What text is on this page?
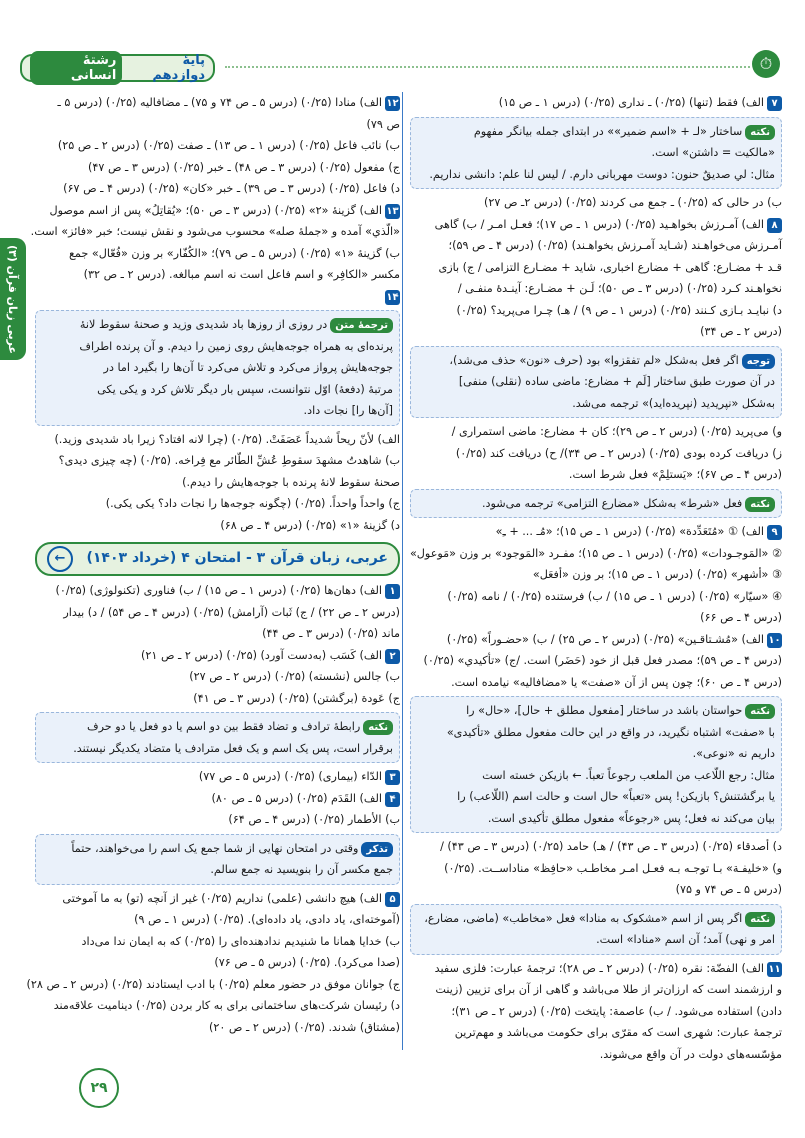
⏱
پایهٔ دوازدهم
رشتهٔ انسانی
عربی زبان قرآن (۳)
۷الف) فقط (تنها) (۰/۲۵) ـ نداری (۰/۲۵) (درس ۱ ـ ص ۱۵)
نکتهساختار «لـ + «اسم ضمیر»» در ابتدای جمله بیانگر مفهوم
«مالکیت = داشتن» است.
مثال: لي صديقٌ حنون: دوست مهربانی دارم. / ليس لنا علم: دانشی نداریم.
ب) در حالی که (۰/۲۵) ـ جمع می کردند (۰/۲۵) (درس ۲ـ ص ۲۷)
۸الف) آمـرزش بخواهـید (۰/۲۵) (درس ۱ ـ ص ۱۷)؛ فعـل امـر / ب) گاهی
آمـرزش می‌خواهـند (شـاید آمـرزش بخواهـند) (۰/۲۵) (درس ۴ ـ ص ۵۹)؛
قـد + مضـارع: گاهی + مضارع اخباری، شاید + مضـارع التزامی / ج) بازی
نخواهـند کـرد (۰/۲۵) (درس ۳ ـ ص ۵۰)؛ لَـن + مضـارع: آینـدهٔ منفـی /
د) نبایـد بـازی کـنند (۰/۲۵) (درس ۱ ـ ص ۹) / هـ) چـرا می‌پرید؟ (۰/۲۵)
(درس ۲ ـ ص ۳۴)
توجهاگر فعل به‌شکل «لم تفقزوا» بود (حرف «نون» حذف می‌شد)،
در آن صورت طبق ساختار [لَم + مضارع: ماضی ساده (نقلی) منفی]
به‌شکل «نپریدید (نپریده‌اید)» ترجمه می‌شد.
و) می‌پرید (۰/۲۵) (درس ۲ ـ ص ۲۹)؛ کان + مضارع: ماضی استمراری /
ز) دریافت کرده بودی (۰/۲۵) (درس ۲ ـ ص ۳۴)/ ح) دریافت کند (۰/۲۵)
(درس ۴ ـ ص ۶۷)؛ «يَستلِمْ» فعل شرط است.
نکتهفعل «شرط» به‌شکل «مضارع التزامی» ترجمه می‌شود.
۹الف) ① «مُتَعَدِّدة» (۰/۲۵) (درس ۱ ـ ص ۱۵)؛ «مُـ ... + ـِ»
② «المَوجـودات» (۰/۲۵) (درس ۱ ـ ص ۱۵)؛ مفـرد «المَوجود» بر وزن «مَوعول»
③ «أشهر» (۰/۲۵) (درس ۱ ـ ص ۱۵)؛ بر وزن «أفعَل»
④ «سیّار» (۰/۲۵) (درس ۱ ـ ص ۱۵) / ب) فرستنده (۰/۲۵) / نامه (۰/۲۵)
(درس ۴ ـ ص ۶۶)
۱۰الف) «مُشـتاقـین» (۰/۲۵) (درس ۲ ـ ص ۲۵) / ب) «حضـوراً» (۰/۲۵)
(درس ۴ ـ ص ۵۹)؛ مصدر فعل قبل از خود (حَضَر) است. /ج) «تأكيدي» (۰/۲۵)
(درس ۴ ـ ص ۶۰)؛ چون پس از آن «صفت» یا «مضافالیه» نیامده است.
نکتهحواستان باشد در ساختار [مفعول مطلق + حال]، «حال» را
با «صفت» اشتباه نگیرید، در واقع در این حالت مفعول مطلق «تأکیدی»
داریم نه «نوعی».
مثال: رجع اللّاعب من الملعب رجوعاً تعباً. ← بازیکن خسته است
یا برگشتنش؟ بازیکن! پس «تعباً» حال است و حالت اسم (اللّاعب) را
بیان می‌کند نه فعل؛ پس «رجوعاً» مفعول مطلق تأکیدی است.
د) أصدقاء (۰/۲۵) (درس ۳ ـ ص ۴۳) / هـ) حامد (۰/۲۵) (درس ۳ ـ ص ۴۳) /
و) «خلیفـة» بـا توجـه بـه فعـل امـر مخاطـب «حافِظ» منادا‌ســت. (۰/۲۵)
(درس ۵ ـ ص ۷۴ و ۷۵)
نکتهاگر پس از اسم «مشکوک به منادا» فعل «مخاطب» (ماضی، مضارع،
امر و نهی) آمد؛ آن اسم «منادا» است.
۱۱الف) الفضّة: نقره (۰/۲۵) (درس ۲ ـ ص ۲۸)؛ ترجمهٔ عبارت: فلزی سفید
و ارزشمند است که ارزان‌تر از طلا می‌باشد و گاهی از آن برای تزیین (زینت
دادن) استفاده می‌شود. / ب) عاصمة: پایتخت (۰/۲۵) (درس ۲ ـ ص ۳۱)؛
ترجمهٔ عبارت: شهری است که مقرّی برای حکومت می‌باشد و مهم‌ترین
مؤسّسه‌های دولت در آن واقع می‌شوند.
۱۲الف) منادا (۰/۲۵) (درس ۵ ـ ص ۷۴ و ۷۵) ـ مضافالیه (۰/۲۵) (درس ۵ ـ
ص ۷۹)
ب) نائب فاعل (۰/۲۵) (درس ۱ ـ ص ۱۳) ـ صفت (۰/۲۵) (درس ۲ ـ ص ۲۵)
ج) مفعول (۰/۲۵) (درس ۳ ـ ص ۴۸) ـ خبر (۰/۲۵) (درس ۳ ـ ص ۴۷)
د) فاعل (۰/۲۵) (درس ۳ ـ ص ۳۹) ـ خبر «كان» (۰/۲۵) (درس ۴ ـ ص ۶۷)
۱۳الف) گزینهٔ «۲» (۰/۲۵) (درس ۳ ـ ص ۵۰)؛ «يُقاتِلُ» پس از اسم موصول
«الّذي» آمده و «جملهٔ صله» محسوب می‌شود و نقش نیست؛ خبر «فائز» است.
ب) گزینهٔ «۱» (۰/۲۵) (درس ۵ ـ ص ۷۹)؛ «الكُفّار» بر وزن «فُعّال» جمع
مکسر «الكافِر» و اسم فاعل است نه اسم مبالغه. (درس ۲ ـ ص ۳۲)
۱۴
ترجمهٔ متندر روزی از روزها باد شدیدی وزید و صحنهٔ سقوط لانهٔ
پرنده‌ای به همراه جوجه‌هایش روی زمین را دیدم. و آن پرنده اطراف
جوجه‌هایش پرواز می‌کرد و تلاش می‌کرد تا آن‌ها را بگیرد اما در
مرتبهٔ (دفعهٔ) اوّل نتوانست، سپس بار دیگر تلاش کرد و یکی یکی
[آن‌ها را] نجات داد.
الف) لأنّ ريحاً شديداً عَصَفَتْ. (۰/۲۵) (چرا لانه افتاد؟ زیرا باد شدیدی وزید.)
ب) شاهدتُ مشهدَ سقوطِ عُشِّ الطّائر مع فِراخه. (۰/۲۵) (چه چیزی دیدی؟
صحنهٔ سقوط لانهٔ پرنده با جوجه‌هایش را دیدم.)
ج) واحداً واحداً. (۰/۲۵) (چگونه جوجه‌ها را نجات داد؟ یکی یکی.)
د) گزینهٔ «۱» (۰/۲۵) (درس ۴ ـ ص ۶۸)
عربی، زبان قرآن ۳ - امتحان ۴ (خرداد ۱۴۰۳)
←
۱الف) دهان‌ها (۰/۲۵) (درس ۱ ـ ص ۱۵) / ب) فناوری (تکنولوژی) (۰/۲۵)
(درس ۲ ـ ص ۲۲) / ج) ثَبات (آرامش) (۰/۲۵) (درس ۴ ـ ص ۵۴) / د) بیدار
ماند (۰/۲۵) (درس ۳ ـ ص ۴۴)
۲الف) كَسَب (به‌دست آورد) (۰/۲۵) (درس ۲ ـ ص ۲۱)
ب) جالس (نشسته) (۰/۲۵) (درس ۲ ـ ص ۲۷)
ج) عَودة (برگشتن) (۰/۲۵) (درس ۳ ـ ص ۴۱)
نکتهرابطهٔ ترادف و تضاد فقط بین دو اسم یا دو فعل یا دو حرف
برقرار است، پس یک اسم و یک فعل مترادف یا متضاد یکدیگر نیستند.
۳الدّاء (بیماری) (۰/۲۵) (درس ۵ ـ ص ۷۷)
۴الف) القَدَم (۰/۲۵) (درس ۵ ـ ص ۸۰)
ب) الأطمار (۰/۲۵) (درس ۴ ـ ص ۶۴)
تذکروقتی در امتحان نهایی از شما جمع یک اسم را می‌خواهند، حتماً
جمع مکسر آن را بنویسید نه جمع سالم.
۵الف) هیچ دانشی (علمی) نداریم (۰/۲۵) غیر از آنچه (تو) به ما آموختی
(آموخته‌ای، یاد دادی، یاد داده‌ای). (۰/۲۵) (درس ۱ ـ ص ۹)
ب) خدایا همانا ما شنیدیم ندادهنده‌ای را (۰/۲۵) که به ایمان ندا می‌داد
(صدا می‌کرد). (۰/۲۵) (درس ۵ ـ ص ۷۶)
ج) جوانان موفق در حضور معلم (۰/۲۵) با ادب ایستادند (۰/۲۵) (درس ۲ ـ ص ۲۸)
د) رئیسان شرکت‌های ساختمانی برای به کار بردن (۰/۲۵) دینامیت علاقه‌مند
(مشتاق) شدند. (۰/۲۵) (درس ۲ ـ ص ۲۰)
۲۹
